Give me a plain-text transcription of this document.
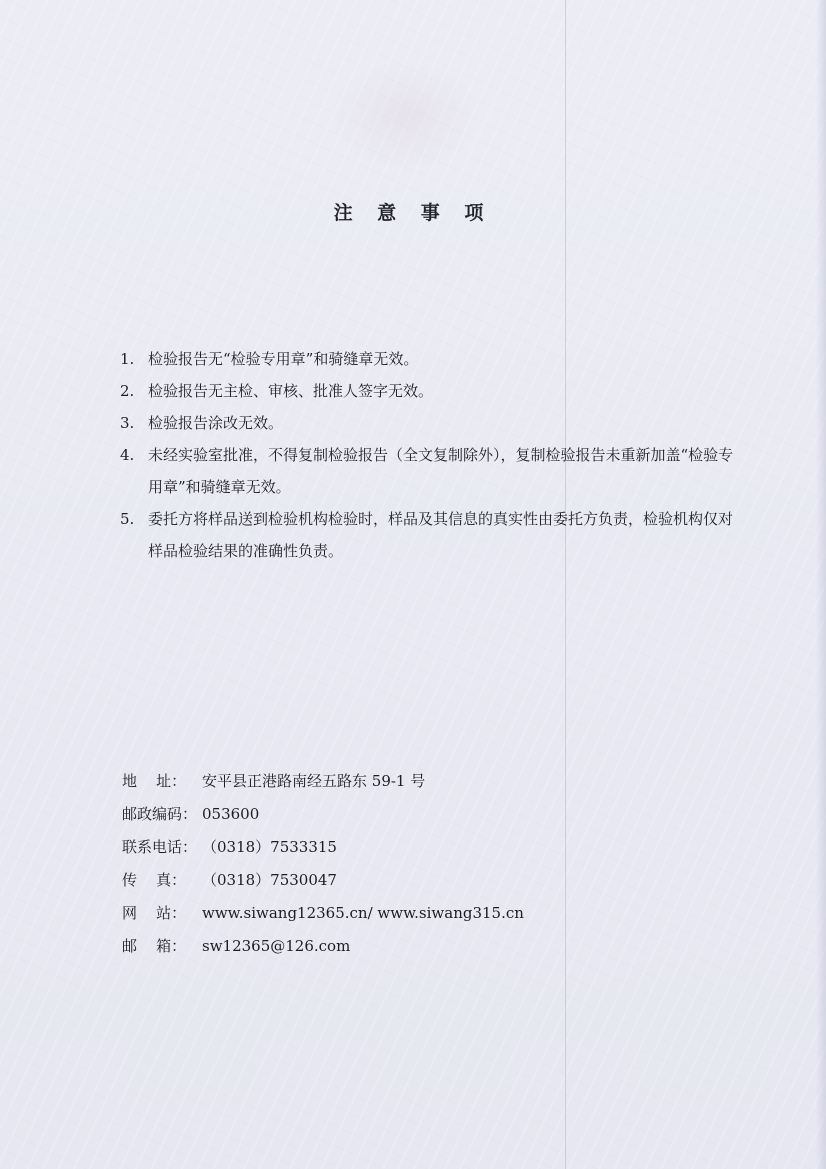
注 意 事 项
1. 检验报告无“检验专用章”和骑缝章无效。
2. 检验报告无主检、审核、批准人签字无效。
3. 检验报告涂改无效。
4. 未经实验室批准，不得复制检验报告（全文复制除外），复制检验报告未重新加盖“检验专用章”和骑缝章无效。
5. 委托方将样品送到检验机构检验时，样品及其信息的真实性由委托方负责，检验机构仅对样品检验结果的准确性负责。
地    址：	安平县正港路南经五路东 59-1 号
邮政编码： 053600
联系电话： （0318）7533315
传    真：	（0318）7530047
网    站：	www.siwang12365.cn/ www.siwang315.cn
邮    箱：	sw12365@126.com
